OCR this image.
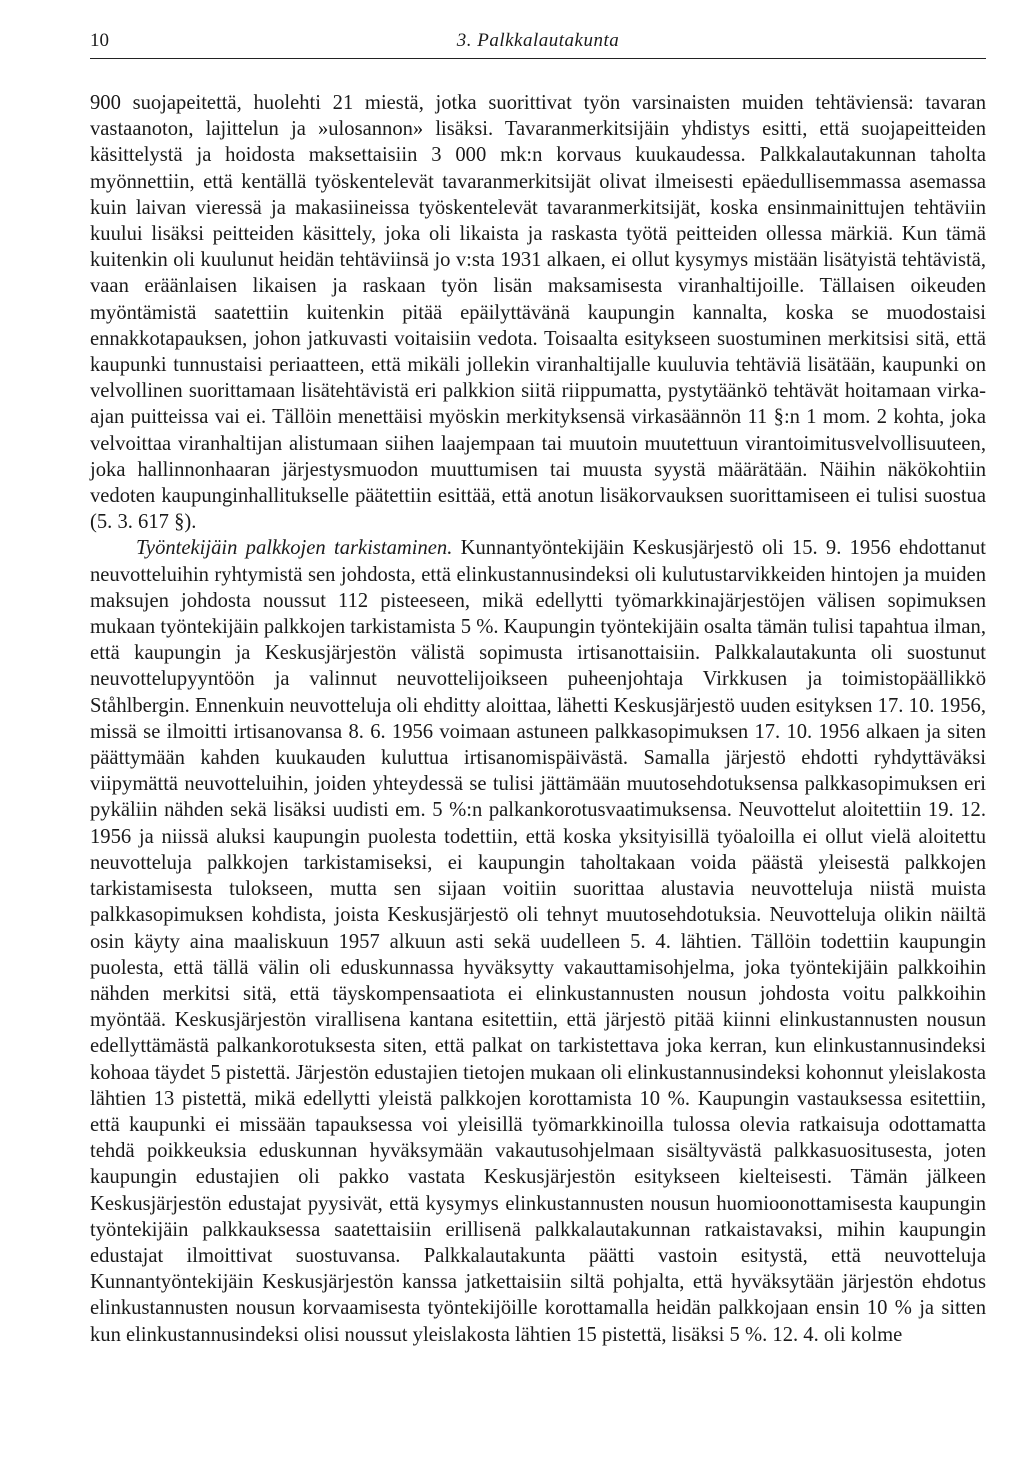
10	3. Palkkalautakunta

900 suojapeitettä, huolehti 21 miestä, jotka suorittivat työn varsinaisten muiden tehtäviensä: tavaran vastaanoton, lajittelun ja »ulosannon» lisäksi. Tavaranmerkitsijäin yhdistys esitti, että suojapeitteiden käsittelystä ja hoidosta maksettaisiin 3 000 mk:n korvaus kuukaudessa. Palkkalautakunnan taholta myönnettiin, että kentällä työskentelevät tavaranmerkitsijät olivat ilmeisesti epäedullisemmassa asemassa kuin laivan vieressä ja makasiineissa työskentelevät tavaranmerkitsijät, koska ensinmainittujen tehtäviin kuului lisäksi peitteiden käsittely, joka oli likaista ja raskasta työtä peitteiden ollessa märkiä. Kun tämä kuitenkin oli kuulunut heidän tehtäviinsä jo v:sta 1931 alkaen, ei ollut kysymys mistään lisätyistä tehtävistä, vaan eräänlaisen likaisen ja raskaan työn lisän maksamisesta viranhaltijoille. Tällaisen oikeuden myöntämistä saatettiin kuitenkin pitää epäilyttävänä kaupungin kannalta, koska se muodostaisi ennakkotapauksen, johon jatkuvasti voitaisiin vedota. Toisaalta esitykseen suostuminen merkitsisi sitä, että kaupunki tunnustaisi periaatteen, että mikäli jollekin viranhaltijalle kuuluvia tehtäviä lisätään, kaupunki on velvollinen suorittamaan lisätehtävistä eri palkkion siitä riippumatta, pystytäänkö tehtävät hoitamaan virka-ajan puitteissa vai ei. Tällöin menettäisi myöskin merkityksensä virkasäännön 11 §:n 1 mom. 2 kohta, joka velvoittaa viranhaltijan alistumaan siihen laajempaan tai muutoin muutettuun virantoimitusvelvollisuuteen, joka hallinnonhaaran järjestysmuodon muuttumisen tai muusta syystä määrätään. Näihin näkökohtiin vedoten kaupunginhallitukselle päätettiin esittää, että anotun lisäkorvauksen suorittamiseen ei tulisi suostua (5. 3. 617 §).

Työntekijäin palkkojen tarkistaminen. Kunnantyöntekijäin Keskusjärjestö oli 15. 9. 1956 ehdottanut neuvotteluihin ryhtymistä sen johdosta, että elinkustannusindeksi oli kulutustarvikkeiden hintojen ja muiden maksujen johdosta noussut 112 pisteeseen, mikä edellytti työmarkkinajärjestöjen välisen sopimuksen mukaan työntekijäin palkkojen tarkistamista 5 %. Kaupungin työntekijäin osalta tämän tulisi tapahtua ilman, että kaupungin ja Keskusjärjestön välistä sopimusta irtisanottaisiin. Palkkalautakunta oli suostunut neuvottelupyyntöön ja valinnut neuvottelijoikseen puheenjohtaja Virkkusen ja toimistopäällikkö Ståhlbergin. Ennenkuin neuvotteluja oli ehditty aloittaa, lähetti Keskusjärjestö uuden esityksen 17. 10. 1956, missä se ilmoitti irtisanovansa 8. 6. 1956 voimaan astuneen palkkasopimuksen 17. 10. 1956 alkaen ja siten päättymään kahden kuukauden kuluttua irtisanomispäivästä. Samalla järjestö ehdotti ryhdyttäväksi viipymättä neuvotteluihin, joiden yhteydessä se tulisi jättämään muutosehdotuksensa palkkasopimuksen eri pykäliin nähden sekä lisäksi uudisti em. 5 %:n palkankorotusvaatimuksensa. Neuvottelut aloitettiin 19. 12. 1956 ja niissä aluksi kaupungin puolesta todettiin, että koska yksityisillä työaloilla ei ollut vielä aloitettu neuvotteluja palkkojen tarkistamiseksi, ei kaupungin taholtakaan voida päästä yleisestä palkkojen tarkistamisesta tulokseen, mutta sen sijaan voitiin suorittaa alustavia neuvotteluja niistä muista palkkasopimuksen kohdista, joista Keskusjärjestö oli tehnyt muutosehdotuksia. Neuvotteluja olikin näiltä osin käyty aina maaliskuun 1957 alkuun asti sekä uudelleen 5. 4. lähtien. Tällöin todettiin kaupungin puolesta, että tällä välin oli eduskunnassa hyväksytty vakauttamisohjelma, joka työntekijäin palkkoihin nähden merkitsi sitä, että täyskompensaatiota ei elinkustannusten nousun johdosta voitu palkkoihin myöntää. Keskusjärjestön virallisena kantana esitettiin, että järjestö pitää kiinni elinkustannusten nousun edellyttämästä palkankorotuksesta siten, että palkat on tarkistettava joka kerran, kun elinkustannusindeksi kohoaa täydet 5 pistettä. Järjestön edustajien tietojen mukaan oli elinkustannusindeksi kohonnut yleislakosta lähtien 13 pistettä, mikä edellytti yleistä palkkojen korottamista 10 %. Kaupungin vastauksessa esitettiin, että kaupunki ei missään tapauksessa voi yleisillä työmarkkinoilla tulossa olevia ratkaisuja odottamatta tehdä poikkeuksia eduskunnan hyväksymään vakautusohjelmaan sisältyvästä palkkasuositusesta, joten kaupungin edustajien oli pakko vastata Keskusjärjestön esitykseen kielteisesti. Tämän jälkeen Keskusjärjestön edustajat pyysivät, että kysymys elinkustannusten nousun huomioonottamisesta kaupungin työntekijäin palkkauksessa saatettaisiin erillisenä palkkalautakunnan ratkaistavaksi, mihin kaupungin edustajat ilmoittivat suostuvansa. Palkkalautakunta päätti vastoin esitystä, että neuvotteluja Kunnantyöntekijäin Keskusjärjestön kanssa jatkettaisiin siltä pohjalta, että hyväksytään järjestön ehdotus elinkustannusten nousun korvaamisesta työntekijöille korottamalla heidän palkkojaan ensin 10 % ja sitten kun elinkustannusindeksi olisi noussut yleislakosta lähtien 15 pistettä, lisäksi 5 %. 12. 4. oli kolme
